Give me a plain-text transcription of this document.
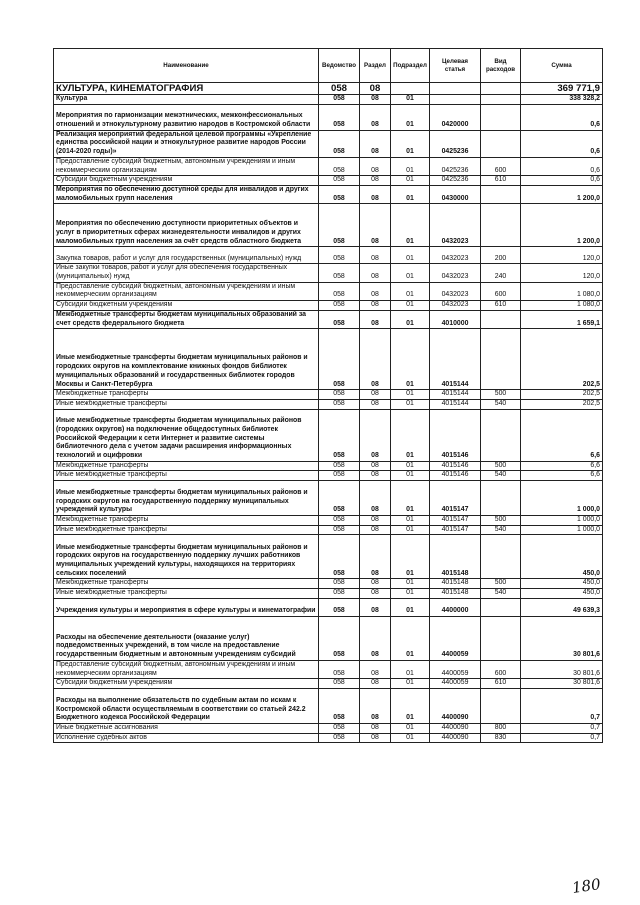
Наименование	Ведомство	Раздел	Подраздел	Целевая статья	Вид расходов	Сумма
КУЛЬТУРА, КИНЕМАТОГРАФИЯ	058	08				369 771,9
Культура	058	08	01			338 328,2
Мероприятия по гармонизации межэтнических, межконфессиональных отношений и этнокультурному развитию народов в Костромской области	058	08	01	0420000		0,6
Реализация мероприятий федеральной целевой программы «Укрепление единства российской нации и этнокультурное развитие народов России (2014-2020 годы)»	058	08	01	0425236		0,6
Предоставление субсидий бюджетным, автономным учреждениям и иным некоммерческим организациям	058	08	01	0425236	600	0,6
Субсидии бюджетным учреждениям	058	08	01	0425236	610	0,6
Мероприятия по обеспечению доступной среды для инвалидов и других маломобильных групп населения	058	08	01	0430000		1 200,0
Мероприятия по обеспечению доступности приоритетных объектов и услуг в приоритетных сферах жизнедеятельности инвалидов и других маломобильных групп населения за счёт средств областного бюджета	058	08	01	0432023		1 200,0
Закупка товаров, работ и услуг для государственных (муниципальных) нужд	058	08	01	0432023	200	120,0
Иные закупки товаров, работ и услуг для обеспечения государственных (муниципальных) нужд	058	08	01	0432023	240	120,0
Предоставление субсидий бюджетным, автономным учреждениям и иным некоммерческим организациям	058	08	01	0432023	600	1 080,0
Субсидии бюджетным учреждениям	058	08	01	0432023	610	1 080,0
Межбюджетные трансферты бюджетам муниципальных образований за счет средств федерального бюджета	058	08	01	4010000		1 659,1
Иные межбюджетные трансферты бюджетам муниципальных районов и городских округов на комплектование книжных фондов библиотек муниципальных образований и государственных библиотек городов Москвы и Санкт-Петербурга	058	08	01	4015144		202,5
Межбюджетные трансферты	058	08	01	4015144	500	202,5
Иные межбюджетные трансферты	058	08	01	4015144	540	202,5
Иные межбюджетные трансферты бюджетам муниципальных районов (городских округов) на подключение общедоступных библиотек Российской Федерации к сети Интернет и развитие системы библиотечного дела с учетом задачи расширения информационных технологий и оцифровки	058	08	01	4015146		6,6
Межбюджетные трансферты	058	08	01	4015146	500	6,6
Иные межбюджетные трансферты	058	08	01	4015146	540	6,6
Иные межбюджетные трансферты бюджетам муниципальных районов и городских округов на государственную поддержку муниципальных учреждений культуры	058	08	01	4015147		1 000,0
Межбюджетные трансферты	058	08	01	4015147	500	1 000,0
Иные межбюджетные трансферты	058	08	01	4015147	540	1 000,0
Иные межбюджетные трансферты бюджетам муниципальных районов и городских округов на государственную поддержку лучших работников муниципальных учреждений культуры, находящихся на территориях сельских поселений	058	08	01	4015148		450,0
Межбюджетные трансферты	058	08	01	4015148	500	450,0
Иные межбюджетные трансферты	058	08	01	4015148	540	450,0
Учреждения культуры и мероприятия в сфере культуры и кинематографии	058	08	01	4400000		49 639,3
Расходы на обеспечение деятельности (оказание услуг) подведомственных учреждений, в том числе на предоставление государственным бюджетным и автономным учреждениям субсидий	058	08	01	4400059		30 801,6
Предоставление субсидий бюджетным, автономным учреждениям и иным некоммерческим организациям	058	08	01	4400059	600	30 801,6
Субсидии бюджетным учреждениям	058	08	01	4400059	610	30 801,6
Расходы на выполнение обязательств по судебным актам по искам к Костромской области осуществляемым в соответствии со статьей 242.2 Бюджетного кодекса Российской Федерации	058	08	01	4400090		0,7
Иные бюджетные ассигнования	058	08	01	4400090	800	0,7
Исполнение судебных актов	058	08	01	4400090	830	0,7
180
